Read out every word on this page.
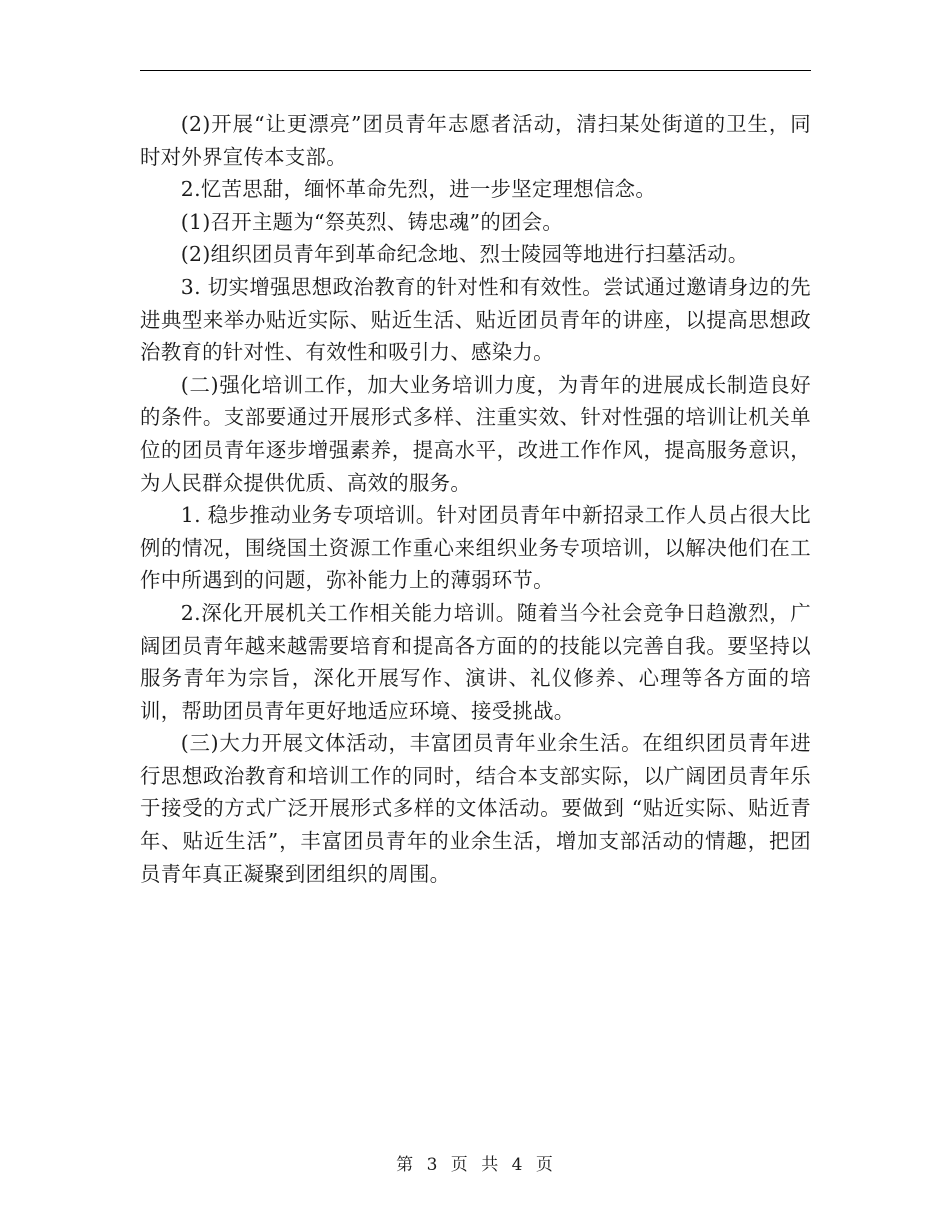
(2)开展“让更漂亮”团员青年志愿者活动，清扫某处街道的卫生，同时对外界宣传本支部。

2.忆苦思甜，缅怀革命先烈，进一步坚定理想信念。

(1)召开主题为“祭英烈、铸忠魂”的团会。

(2)组织团员青年到革命纪念地、烈士陵园等地进行扫墓活动。

3. 切实增强思想政治教育的针对性和有效性。尝试通过邀请身边的先进典型来举办贴近实际、贴近生活、贴近团员青年的讲座，以提高思想政治教育的针对性、有效性和吸引力、感染力。

(二)强化培训工作，加大业务培训力度，为青年的进展成长制造良好的条件。支部要通过开展形式多样、注重实效、针对性强的培训让机关单位的团员青年逐步增强素养，提高水平，改进工作作风，提高服务意识，为人民群众提供优质、高效的服务。

1. 稳步推动业务专项培训。针对团员青年中新招录工作人员占很大比例的情况，围绕国土资源工作重心来组织业务专项培训，以解决他们在工作中所遇到的问题，弥补能力上的薄弱环节。

2.深化开展机关工作相关能力培训。随着当今社会竞争日趋激烈，广阔团员青年越来越需要培育和提高各方面的的技能以完善自我。要坚持以服务青年为宗旨，深化开展写作、演讲、礼仪修养、心理等各方面的培训，帮助团员青年更好地适应环境、接受挑战。

(三)大力开展文体活动，丰富团员青年业余生活。在组织团员青年进行思想政治教育和培训工作的同时，结合本支部实际，以广阔团员青年乐于接受的方式广泛开展形式多样的文体活动。要做到 “贴近实际、贴近青年、贴近生活”，丰富团员青年的业余生活，增加支部活动的情趣，把团员青年真正凝聚到团组织的周围。

第 3 页 共 4 页
